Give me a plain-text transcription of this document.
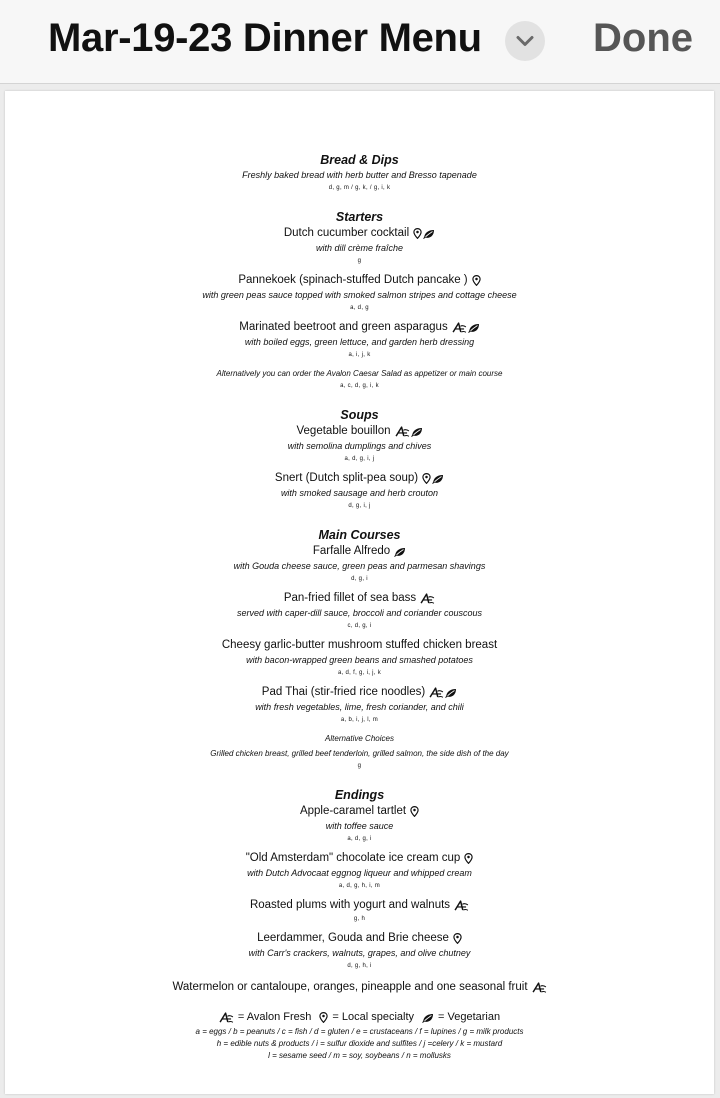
Mar-19-23 Dinner Menu	Done
Bread & Dips
Freshly baked bread with herb butter and Bresso tapenade
d, g, m / g, k, / g, i, k
Starters
Dutch cucumber cocktail
with dill crème fraîche
g
Pannekoek (spinach-stuffed Dutch pancake )
with green peas sauce topped with smoked salmon stripes and cottage cheese
a, d, g
Marinated beetroot and green asparagus
with boiled eggs, green lettuce, and garden herb dressing
a, i, j, k
Alternatively you can order the Avalon Caesar Salad as appetizer or main course
a, c, d, g, i, k
Soups
Vegetable bouillon
with semolina dumplings and chives
a, d, g, i, j
Snert (Dutch split-pea soup)
with smoked sausage and herb crouton
d, g, i, j
Main Courses
Farfalle Alfredo
with Gouda cheese sauce, green peas and parmesan shavings
d, g, i
Pan-fried fillet of sea bass
served with caper-dill sauce, broccoli and coriander couscous
c, d, g, i
Cheesy garlic-butter mushroom stuffed chicken breast
with bacon-wrapped green beans and smashed potatoes
a, d, f, g, i, j, k
Pad Thai (stir-fried rice noodles)
with fresh vegetables, lime, fresh coriander, and chili
a, b, i, j, l, m
Alternative Choices
Grilled chicken breast, grilled beef tenderloin, grilled salmon, the side dish of the day
g
Endings
Apple-caramel tartlet
with toffee sauce
a, d, g, i
"Old Amsterdam" chocolate ice cream cup
with Dutch Advocaat eggnog liqueur and whipped cream
a, d, g, h, i, m
Roasted plums with yogurt and walnuts
g, h
Leerdammer, Gouda and Brie cheese
with Carr's crackers, walnuts, grapes, and olive chutney
d, g, h, i
Watermelon or cantaloupe, oranges, pineapple and one seasonal fruit
= Avalon Fresh = Local specialty = Vegetarian
a = eggs / b = peanuts / c = fish / d = gluten / e = crustaceans / f = lupines / g = milk products
h = edible nuts & products / i = sulfur dioxide and sulfites / j =celery / k = mustard
l = sesame seed / m = soy, soybeans / n = mollusks
